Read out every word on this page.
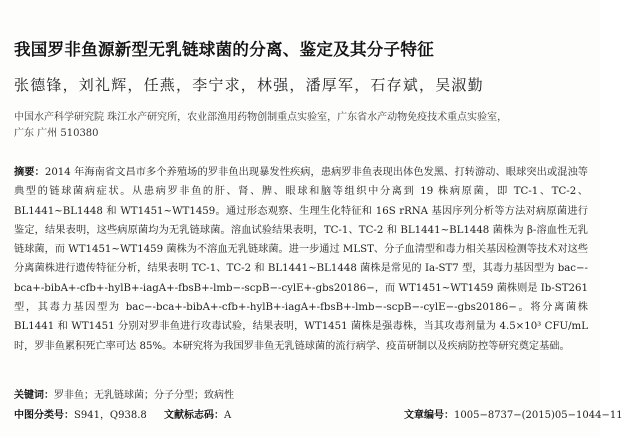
我国罗非鱼源新型无乳链球菌的分离、鉴定及其分子特征
张德锋，刘礼辉，任燕，李宁求，林强，潘厚军，石存斌，吴淑勤
中国水产科学研究院 珠江水产研究所，农业部渔用药物创制重点实验室，广东省水产动物免疫技术重点实验室，
广东 广州 510380
摘要：2014 年海南省文昌市多个养殖场的罗非鱼出现暴发性疾病，患病罗非鱼表现出体色发黑、打转游动、眼球突出或混浊等典型的链球菌病症状。从患病罗非鱼的肝、肾、脾、眼球和脑等组织中分离到 19 株病原菌，即 TC-1、TC-2、BL1441~BL1448 和 WT1451~WT1459。通过形态观察、生理生化特征和 16S rRNA 基因序列分析等方法对病原菌进行鉴定，结果表明，这些病原菌均为无乳链球菌。溶血试验结果表明，TC-1、TC-2 和 BL1441~BL1448 菌株为 β-溶血性无乳链球菌，而 WT1451~WT1459 菌株为不溶血无乳链球菌。进一步通过 MLST、分子血清型和毒力相关基因检测等技术对这些分离菌株进行遗传特征分析，结果表明 TC-1、TC-2 和 BL1441~BL1448 菌株是常见的 Ia-ST7 型，其毒力基因型为 bac−-bca+-bibA+-cfb+-hylB+-iagA+-fbsB+-lmb−-scpB−-cylE+-gbs20186−，而 WT1451~WT1459 菌株则是 Ib-ST261 型，其毒力基因型为 bac−-bca+-bibA+-cfb+-hylB+-iagA+-fbsB+-lmb−-scpB−-cylE−-gbs20186−。将分离菌株 BL1441 和 WT1451 分别对罗非鱼进行攻毒试验，结果表明，WT1451 菌株是强毒株，当其攻毒剂量为 4.5×10³ CFU/mL 时，罗非鱼累积死亡率可达 85%。本研究将为我国罗非鱼无乳链球菌的流行病学、疫苗研制以及疾病防控等研究奠定基础。
关键词：罗非鱼；无乳链球菌；分子分型；致病性
中图分类号：S941，Q938.8 文献标志码：A	文章编号：1005−8737−(2015)05−1044−11
